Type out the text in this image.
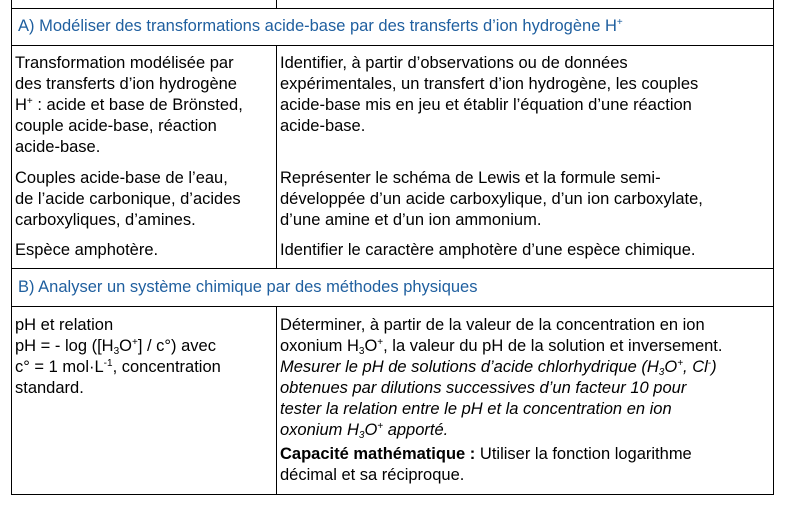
A) Modéliser des transformations acide-base par des transferts d’ion hydrogène H+
Transformation modélisée par
des transferts d’ion hydrogène
H+ : acide et base de Brönsted,
couple acide-base, réaction
acide-base.
Identifier, à partir d’observations ou de données
expérimentales, un transfert d’ion hydrogène, les couples
acide-base mis en jeu et établir l’équation d’une réaction
acide-base.
Couples acide-base de l’eau,
de l’acide carbonique, d’acides
carboxyliques, d’amines.
Représenter le schéma de Lewis et la formule semi-
développée d’un acide carboxylique, d’un ion carboxylate,
d’une amine et d’un ion ammonium.
Espèce amphotère.	Identifier le caractère amphotère d’une espèce chimique.
B) Analyser un système chimique par des méthodes physiques
pH et relation
pH = - $\log ([H_3O^+] / c^\circ)$ avec
c° = 1 $mol\cdot L^{-1}$, concentration
standard.
Déterminer, à partir de la valeur de la concentration en ion
oxonium $H_3O^+$, la valeur du pH de la solution et inversement.
Mesurer le pH de solutions d’acide chlorhydrique ($H_3O^+$, Cl-)
obtenues par dilutions successives d’un facteur 10 pour
tester la relation entre le pH et la concentration en ion
oxonium $H_3O^+$ apporté.
Capacité mathématique : Utiliser la fonction logarithme
décimal et sa réciproque.
